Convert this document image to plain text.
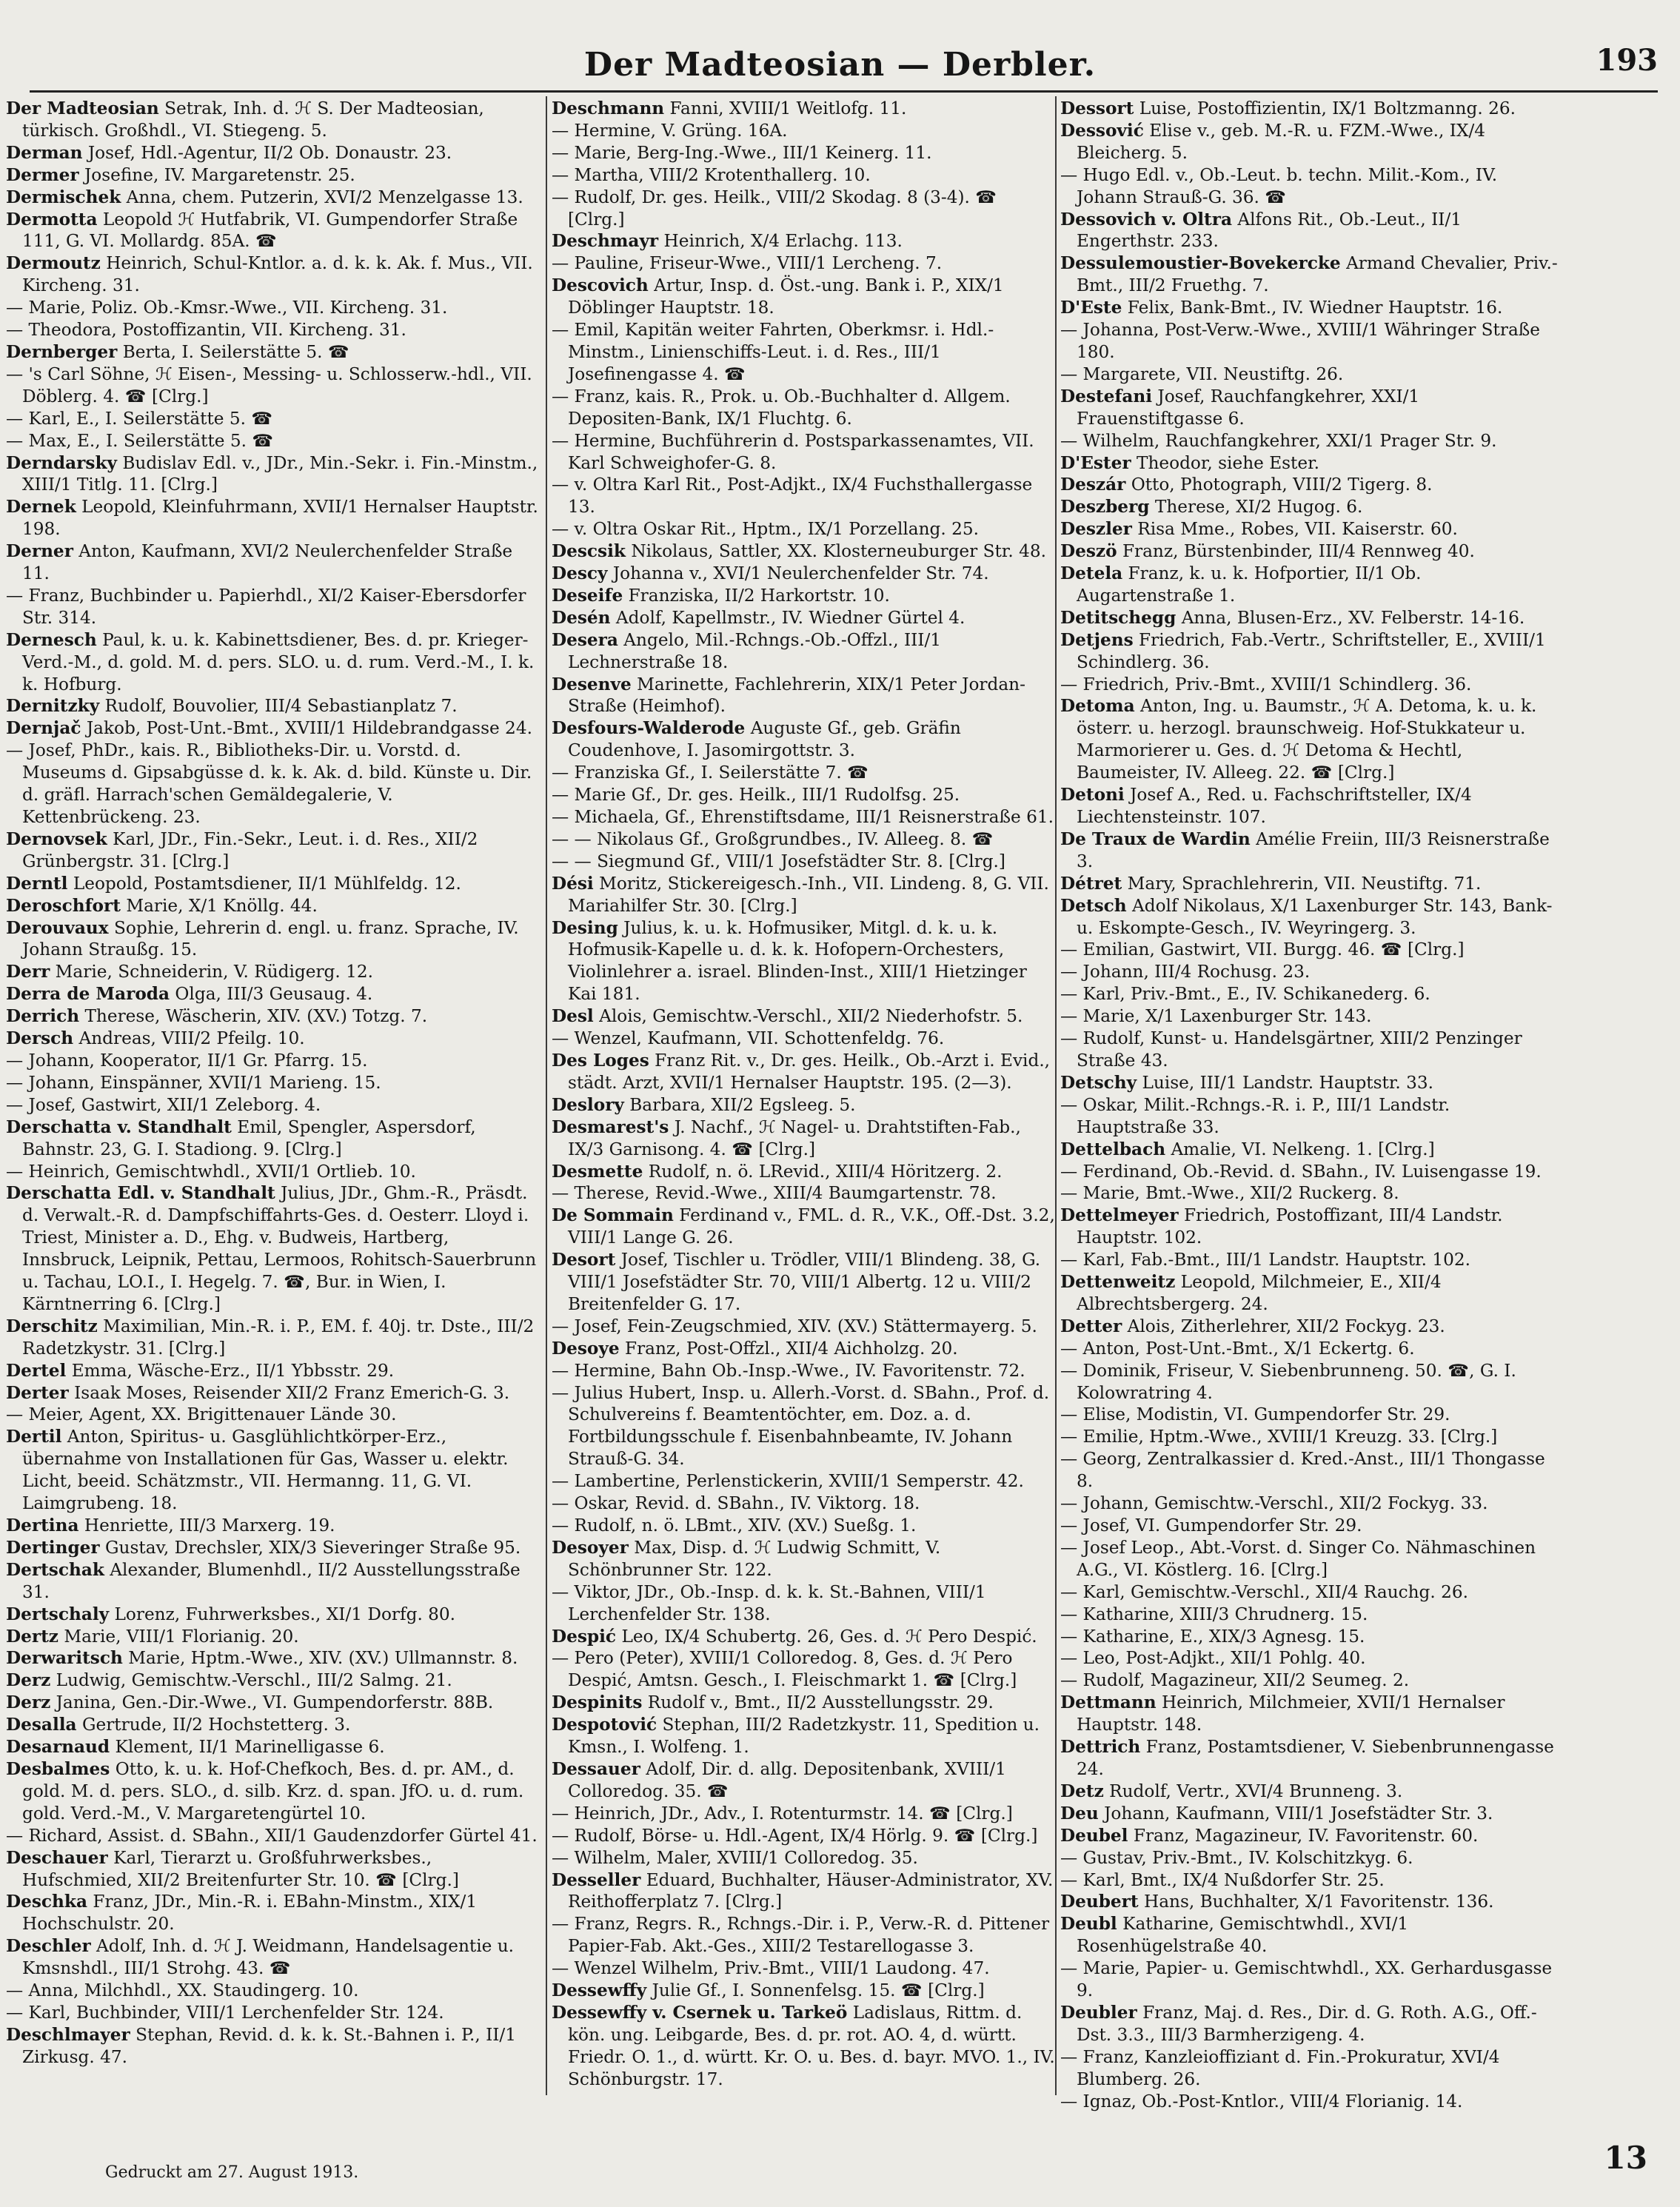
Der Madteosian — Derbler.	193

Der Madteosian Setrak, Inh. d. ℋ S. Der Madteosian, türkisch. Großhdl., VI. Stiegeng. 5.

Derman Josef, Hdl.-Agentur, II/2 Ob. Donaustr. 23.

Dermer Josefine, IV. Margaretenstr. 25.

Dermischek Anna, chem. Putzerin, XVI/2 Menzelgasse 13.

Dermotta Leopold ℋ Hutfabrik, VI. Gumpendorfer Straße 111, G. VI. Mollardg. 85A. ☎

Dermoutz Heinrich, Schul-Kntlor. a. d. k. k. Ak. f. Mus., VII. Kircheng. 31.

— Marie, Poliz. Ob.-Kmsr.-Wwe., VII. Kircheng. 31.

— Theodora, Postoffizantin, VII. Kircheng. 31.

Dernberger Berta, I. Seilerstätte 5. ☎

— 's Carl Söhne, ℋ Eisen-, Messing- u. Schlosserw.-hdl., VII. Döblerg. 4. ☎ [Clrg.]

— Karl, E., I. Seilerstätte 5. ☎

— Max, E., I. Seilerstätte 5. ☎

Derndarsky Budislav Edl. v., JDr., Min.-Sekr. i. Fin.-Minstm., XIII/1 Titlg. 11. [Clrg.]

Dernek Leopold, Kleinfuhrmann, XVII/1 Hernalser Hauptstr. 198.

Derner Anton, Kaufmann, XVI/2 Neulerchenfelder Straße 11.

— Franz, Buchbinder u. Papierhdl., XI/2 Kaiser-Ebersdorfer Str. 314.

Dernesch Paul, k. u. k. Kabinettsdiener, Bes. d. pr. Krieger-Verd.-M., d. gold. M. d. pers. SLO. u. d. rum. Verd.-M., I. k. k. Hofburg.

Dernitzky Rudolf, Bouvolier, III/4 Sebastianplatz 7.

Dernjač Jakob, Post-Unt.-Bmt., XVIII/1 Hildebrandgasse 24.

— Josef, PhDr., kais. R., Bibliotheks-Dir. u. Vorstd. d. Museums d. Gipsabgüsse d. k. k. Ak. d. bild. Künste u. Dir. d. gräfl. Harrach'schen Gemäldegalerie, V. Kettenbrückeng. 23.

Dernovsek Karl, JDr., Fin.-Sekr., Leut. i. d. Res., XII/2 Grünbergstr. 31. [Clrg.]

Derntl Leopold, Postamtsdiener, II/1 Mühlfeldg. 12.

Deroschfort Marie, X/1 Knöllg. 44.

Derouvaux Sophie, Lehrerin d. engl. u. franz. Sprache, IV. Johann Straußg. 15.

Derr Marie, Schneiderin, V. Rüdigerg. 12.

Derra de Maroda Olga, III/3 Geusaug. 4.

Derrich Therese, Wäscherin, XIV. (XV.) Totzg. 7.

Dersch Andreas, VIII/2 Pfeilg. 10.

— Johann, Kooperator, II/1 Gr. Pfarrg. 15.

— Johann, Einspänner, XVII/1 Marieng. 15.

— Josef, Gastwirt, XII/1 Zeleborg. 4.

Derschatta v. Standhalt Emil, Spengler, Aspersdorf, Bahnstr. 23, G. I. Stadiong. 9. [Clrg.]

— Heinrich, Gemischtwhdl., XVII/1 Ortlieb. 10.

Derschatta Edl. v. Standhalt Julius, JDr., Ghm.-R., Präsdt. d. Verwalt.-R. d. Dampfschiffahrts-Ges. d. Oesterr. Lloyd i. Triest, Minister a. D., Ehg. v. Budweis, Hartberg, Innsbruck, Leipnik, Pettau, Lermoos, Rohitsch-Sauerbrunn u. Tachau, LO.I., I. Hegelg. 7. ☎, Bur. in Wien, I. Kärntnerring 6. [Clrg.]

Derschitz Maximilian, Min.-R. i. P., EM. f. 40j. tr. Dste., III/2 Radetzkystr. 31. [Clrg.]

Dertel Emma, Wäsche-Erz., II/1 Ybbsstr. 29.

Derter Isaak Moses, Reisender XII/2 Franz Emerich-G. 3.

— Meier, Agent, XX. Brigittenauer Lände 30.

Dertil Anton, Spiritus- u. Gasglühlichtkörper-Erz., übernahme von Installationen für Gas, Wasser u. elektr. Licht, beeid. Schätzmstr., VII. Hermanng. 11, G. VI. Laimgrubeng. 18.

Dertina Henriette, III/3 Marxerg. 19.

Dertinger Gustav, Drechsler, XIX/3 Sieveringer Straße 95.

Dertschak Alexander, Blumenhdl., II/2 Ausstellungsstraße 31.

Dertschaly Lorenz, Fuhrwerksbes., XI/1 Dorfg. 80.

Dertz Marie, VIII/1 Florianig. 20.

Derwaritsch Marie, Hptm.-Wwe., XIV. (XV.) Ullmannstr. 8.

Derz Ludwig, Gemischtw.-Verschl., III/2 Salmg. 21.

Derz Janina, Gen.-Dir.-Wwe., VI. Gumpendorferstr. 88B.

Desalla Gertrude, II/2 Hochstetterg. 3.

Desarnaud Klement, II/1 Marinelligasse 6.

Desbalmes Otto, k. u. k. Hof-Chefkoch, Bes. d. pr. AM., d. gold. M. d. pers. SLO., d. silb. Krz. d. span. JfO. u. d. rum. gold. Verd.-M., V. Margaretengürtel 10.

— Richard, Assist. d. SBahn., XII/1 Gaudenzdorfer Gürtel 41.

Deschauer Karl, Tierarzt u. Großfuhrwerksbes., Hufschmied, XII/2 Breitenfurter Str. 10. ☎ [Clrg.]

Deschka Franz, JDr., Min.-R. i. EBahn-Minstm., XIX/1 Hochschulstr. 20.

Deschler Adolf, Inh. d. ℋ J. Weidmann, Handelsagentie u. Kmsnshdl., III/1 Strohg. 43. ☎

— Anna, Milchhdl., XX. Staudingerg. 10.

— Karl, Buchbinder, VIII/1 Lerchenfelder Str. 124.

Deschlmayer Stephan, Revid. d. k. k. St.-Bahnen i. P., II/1 Zirkusg. 47.

Deschmann Fanni, XVIII/1 Weitlofg. 11.

— Hermine, V. Grüng. 16A.

— Marie, Berg-Ing.-Wwe., III/1 Keinerg. 11.

— Martha, VIII/2 Krotenthallerg. 10.

— Rudolf, Dr. ges. Heilk., VIII/2 Skodag. 8 (3-4). ☎ [Clrg.]

Deschmayr Heinrich, X/4 Erlachg. 113.

— Pauline, Friseur-Wwe., VIII/1 Lercheng. 7.

Descovich Artur, Insp. d. Öst.-ung. Bank i. P., XIX/1 Döblinger Hauptstr. 18.

— Emil, Kapitän weiter Fahrten, Oberkmsr. i. Hdl.-Minstm., Linienschiffs-Leut. i. d. Res., III/1 Josefinengasse 4. ☎

— Franz, kais. R., Prok. u. Ob.-Buchhalter d. Allgem. Depositen-Bank, IX/1 Fluchtg. 6.

— Hermine, Buchführerin d. Postsparkassenamtes, VII. Karl Schweighofer-G. 8.

— v. Oltra Karl Rit., Post-Adjkt., IX/4 Fuchsthallergasse 13.

— v. Oltra Oskar Rit., Hptm., IX/1 Porzellang. 25.

Descsik Nikolaus, Sattler, XX. Klosterneuburger Str. 48.

Descy Johanna v., XVI/1 Neulerchenfelder Str. 74.

Deseife Franziska, II/2 Harkortstr. 10.

Desén Adolf, Kapellmstr., IV. Wiedner Gürtel 4.

Desera Angelo, Mil.-Rchngs.-Ob.-Offzl., III/1 Lechnerstraße 18.

Desenve Marinette, Fachlehrerin, XIX/1 Peter Jordan-Straße (Heimhof).

Desfours-Walderode Auguste Gf., geb. Gräfin Coudenhove, I. Jasomirgottstr. 3.

— Franziska Gf., I. Seilerstätte 7. ☎

— Marie Gf., Dr. ges. Heilk., III/1 Rudolfsg. 25.

— Michaela, Gf., Ehrenstiftsdame, III/1 Reisnerstraße 61.

— — Nikolaus Gf., Großgrundbes., IV. Alleeg. 8. ☎

— — Siegmund Gf., VIII/1 Josefstädter Str. 8. [Clrg.]

Dési Moritz, Stickereigesch.-Inh., VII. Lindeng. 8, G. VII. Mariahilfer Str. 30. [Clrg.]

Desing Julius, k. u. k. Hofmusiker, Mitgl. d. k. u. k. Hofmusik-Kapelle u. d. k. k. Hofopern-Orchesters, Violinlehrer a. israel. Blinden-Inst., XIII/1 Hietzinger Kai 181.

Desl Alois, Gemischtw.-Verschl., XII/2 Niederhofstr. 5.

— Wenzel, Kaufmann, VII. Schottenfeldg. 76.

Des Loges Franz Rit. v., Dr. ges. Heilk., Ob.-Arzt i. Evid., städt. Arzt, XVII/1 Hernalser Hauptstr. 195. (2—3).

Deslory Barbara, XII/2 Egsleeg. 5.

Desmarest's J. Nachf., ℋ Nagel- u. Drahtstiften-Fab., IX/3 Garnisong. 4. ☎ [Clrg.]

Desmette Rudolf, n. ö. LRevid., XIII/4 Höritzerg. 2.

— Therese, Revid.-Wwe., XIII/4 Baumgartenstr. 78.

De Sommain Ferdinand v., FML. d. R., V.K., Off.-Dst. 3.2, VIII/1 Lange G. 26.

Desort Josef, Tischler u. Trödler, VIII/1 Blindeng. 38, G. VIII/1 Josefstädter Str. 70, VIII/1 Albertg. 12 u. VIII/2 Breitenfelder G. 17.

— Josef, Fein-Zeugschmied, XIV. (XV.) Stättermayerg. 5.

Desoye Franz, Post-Offzl., XII/4 Aichholzg. 20.

— Hermine, Bahn Ob.-Insp.-Wwe., IV. Favoritenstr. 72.

— Julius Hubert, Insp. u. Allerh.-Vorst. d. SBahn., Prof. d. Schulvereins f. Beamtentöchter, em. Doz. a. d. Fortbildungsschule f. Eisenbahnbeamte, IV. Johann Strauß-G. 34.

— Lambertine, Perlenstickerin, XVIII/1 Semperstr. 42.

— Oskar, Revid. d. SBahn., IV. Viktorg. 18.

— Rudolf, n. ö. LBmt., XIV. (XV.) Sueßg. 1.

Desoyer Max, Disp. d. ℋ Ludwig Schmitt, V. Schönbrunner Str. 122.

— Viktor, JDr., Ob.-Insp. d. k. k. St.-Bahnen, VIII/1 Lerchenfelder Str. 138.

Despić Leo, IX/4 Schubertg. 26, Ges. d. ℋ Pero Despić.

— Pero (Peter), XVIII/1 Colloredog. 8, Ges. d. ℋ Pero Despić, Amtsn. Gesch., I. Fleischmarkt 1. ☎ [Clrg.]

Despinits Rudolf v., Bmt., II/2 Ausstellungsstr. 29.

Despotović Stephan, III/2 Radetzkystr. 11, Spedition u. Kmsn., I. Wolfeng. 1.

Dessauer Adolf, Dir. d. allg. Depositenbank, XVIII/1 Colloredog. 35. ☎

— Heinrich, JDr., Adv., I. Rotenturmstr. 14. ☎ [Clrg.]

— Rudolf, Börse- u. Hdl.-Agent, IX/4 Hörlg. 9. ☎ [Clrg.]

— Wilhelm, Maler, XVIII/1 Colloredog. 35.

Desseller Eduard, Buchhalter, Häuser-Administrator, XV. Reithofferplatz 7. [Clrg.]

— Franz, Regrs. R., Rchngs.-Dir. i. P., Verw.-R. d. Pittener Papier-Fab. Akt.-Ges., XIII/2 Testarellogasse 3.

— Wenzel Wilhelm, Priv.-Bmt., VIII/1 Laudong. 47.

Dessewffy Julie Gf., I. Sonnenfelsg. 15. ☎ [Clrg.]

Dessewffy v. Csernek u. Tarkeö Ladislaus, Rittm. d. kön. ung. Leibgarde, Bes. d. pr. rot. AO. 4, d. württ. Friedr. O. 1., d. württ. Kr. O. u. Bes. d. bayr. MVO. 1., IV. Schönburgstr. 17.

Dessort Luise, Postoffizientin, IX/1 Boltzmanng. 26.

Dessović Elise v., geb. M.-R. u. FZM.-Wwe., IX/4 Bleicherg. 5.

— Hugo Edl. v., Ob.-Leut. b. techn. Milit.-Kom., IV. Johann Strauß-G. 36. ☎

Dessovich v. Oltra Alfons Rit., Ob.-Leut., II/1 Engerthstr. 233.

Dessulemoustier-Bovekercke Armand Chevalier, Priv.-Bmt., III/2 Fruethg. 7.

D'Este Felix, Bank-Bmt., IV. Wiedner Hauptstr. 16.

— Johanna, Post-Verw.-Wwe., XVIII/1 Währinger Straße 180.

— Margarete, VII. Neustiftg. 26.

Destefani Josef, Rauchfangkehrer, XXI/1 Frauenstiftgasse 6.

— Wilhelm, Rauchfangkehrer, XXI/1 Prager Str. 9.

D'Ester Theodor, siehe Ester.

Deszár Otto, Photograph, VIII/2 Tigerg. 8.

Deszberg Therese, XI/2 Hugog. 6.

Deszler Risa Mme., Robes, VII. Kaiserstr. 60.

Deszö Franz, Bürstenbinder, III/4 Rennweg 40.

Detela Franz, k. u. k. Hofportier, II/1 Ob. Augartenstraße 1.

Detitschegg Anna, Blusen-Erz., XV. Felberstr. 14-16.

Detjens Friedrich, Fab.-Vertr., Schriftsteller, E., XVIII/1 Schindlerg. 36.

— Friedrich, Priv.-Bmt., XVIII/1 Schindlerg. 36.

Detoma Anton, Ing. u. Baumstr., ℋ A. Detoma, k. u. k. österr. u. herzogl. braunschweig. Hof-Stukkateur u. Marmorierer u. Ges. d. ℋ Detoma & Hechtl, Baumeister, IV. Alleeg. 22. ☎ [Clrg.]

Detoni Josef A., Red. u. Fachschriftsteller, IX/4 Liechtensteinstr. 107.

De Traux de Wardin Amélie Freiin, III/3 Reisnerstraße 3.

Détret Mary, Sprachlehrerin, VII. Neustiftg. 71.

Detsch Adolf Nikolaus, X/1 Laxenburger Str. 143, Bank- u. Eskompte-Gesch., IV. Weyringerg. 3.

— Emilian, Gastwirt, VII. Burgg. 46. ☎ [Clrg.]

— Johann, III/4 Rochusg. 23.

— Karl, Priv.-Bmt., E., IV. Schikanederg. 6.

— Marie, X/1 Laxenburger Str. 143.

— Rudolf, Kunst- u. Handelsgärtner, XIII/2 Penzinger Straße 43.

Detschy Luise, III/1 Landstr. Hauptstr. 33.

— Oskar, Milit.-Rchngs.-R. i. P., III/1 Landstr. Hauptstraße 33.

Dettelbach Amalie, VI. Nelkeng. 1. [Clrg.]

— Ferdinand, Ob.-Revid. d. SBahn., IV. Luisengasse 19.

— Marie, Bmt.-Wwe., XII/2 Ruckerg. 8.

Dettelmeyer Friedrich, Postoffizant, III/4 Landstr. Hauptstr. 102.

— Karl, Fab.-Bmt., III/1 Landstr. Hauptstr. 102.

Dettenweitz Leopold, Milchmeier, E., XII/4 Albrechtsbergerg. 24.

Detter Alois, Zitherlehrer, XII/2 Fockyg. 23.

— Anton, Post-Unt.-Bmt., X/1 Eckertg. 6.

— Dominik, Friseur, V. Siebenbrunneng. 50. ☎, G. I. Kolowratring 4.

— Elise, Modistin, VI. Gumpendorfer Str. 29.

— Emilie, Hptm.-Wwe., XVIII/1 Kreuzg. 33. [Clrg.]

— Georg, Zentralkassier d. Kred.-Anst., III/1 Thongasse 8.

— Johann, Gemischtw.-Verschl., XII/2 Fockyg. 33.

— Josef, VI. Gumpendorfer Str. 29.

— Josef Leop., Abt.-Vorst. d. Singer Co. Nähmaschinen A.G., VI. Köstlerg. 16. [Clrg.]

— Karl, Gemischtw.-Verschl., XII/4 Rauchg. 26.

— Katharine, XIII/3 Chrudnerg. 15.

— Katharine, E., XIX/3 Agnesg. 15.

— Leo, Post-Adjkt., XII/1 Pohlg. 40.

— Rudolf, Magazineur, XII/2 Seumeg. 2.

Dettmann Heinrich, Milchmeier, XVII/1 Hernalser Hauptstr. 148.

Dettrich Franz, Postamtsdiener, V. Siebenbrunnengasse 24.

Detz Rudolf, Vertr., XVI/4 Brunneng. 3.

Deu Johann, Kaufmann, VIII/1 Josefstädter Str. 3.

Deubel Franz, Magazineur, IV. Favoritenstr. 60.

— Gustav, Priv.-Bmt., IV. Kolschitzkyg. 6.

— Karl, Bmt., IX/4 Nußdorfer Str. 25.

Deubert Hans, Buchhalter, X/1 Favoritenstr. 136.

Deubl Katharine, Gemischtwhdl., XVI/1 Rosenhügelstraße 40.

— Marie, Papier- u. Gemischtwhdl., XX. Gerhardusgasse 9.

Deubler Franz, Maj. d. Res., Dir. d. G. Roth. A.G., Off.-Dst. 3.3., III/3 Barmherzigeng. 4.

— Franz, Kanzleioffiziant d. Fin.-Prokuratur, XVI/4 Blumberg. 26.

— Ignaz, Ob.-Post-Kntlor., VIII/4 Florianig. 14.

Gedruckt am 27. August 1913.	13
